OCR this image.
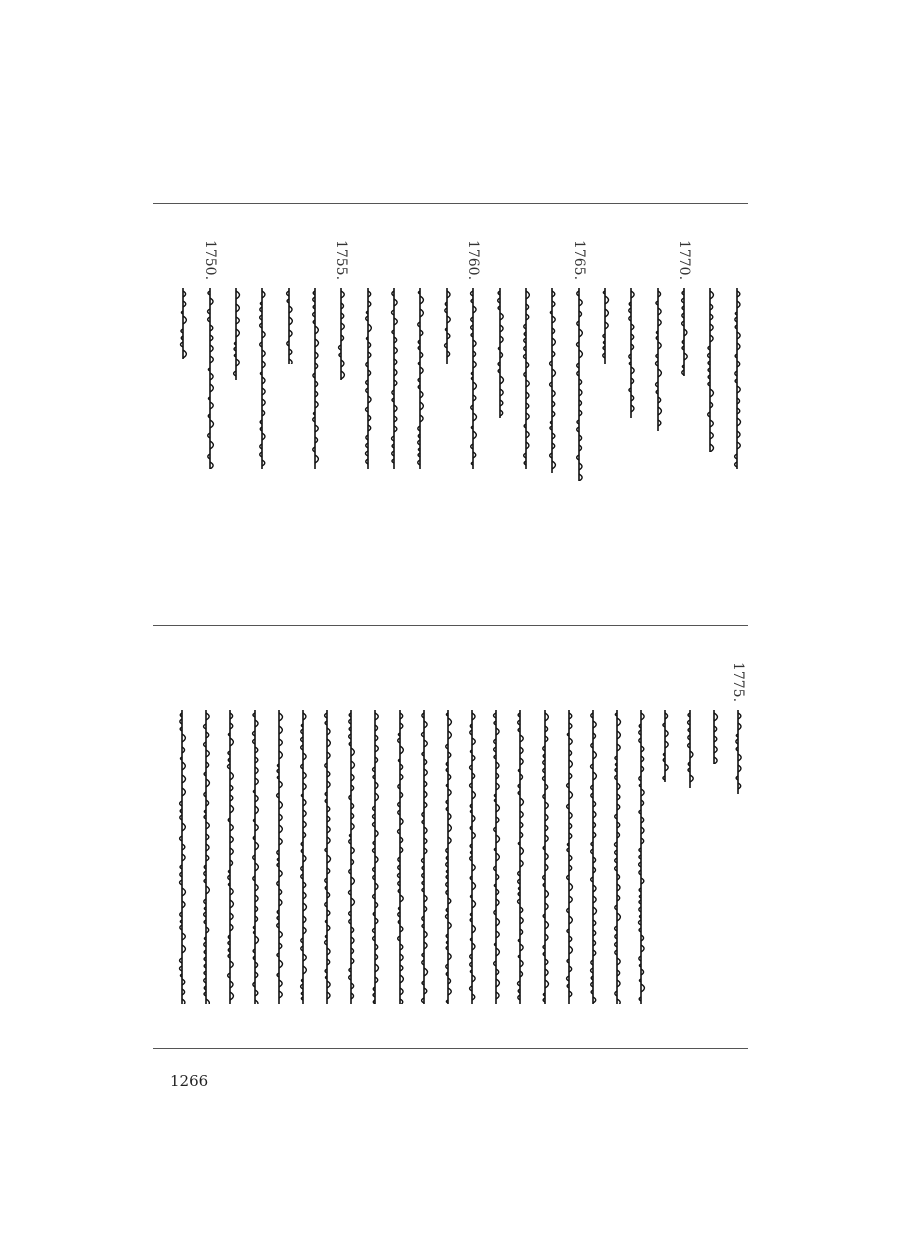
1770.
1765.
1760.
1755.
1750.
1775.
1266
